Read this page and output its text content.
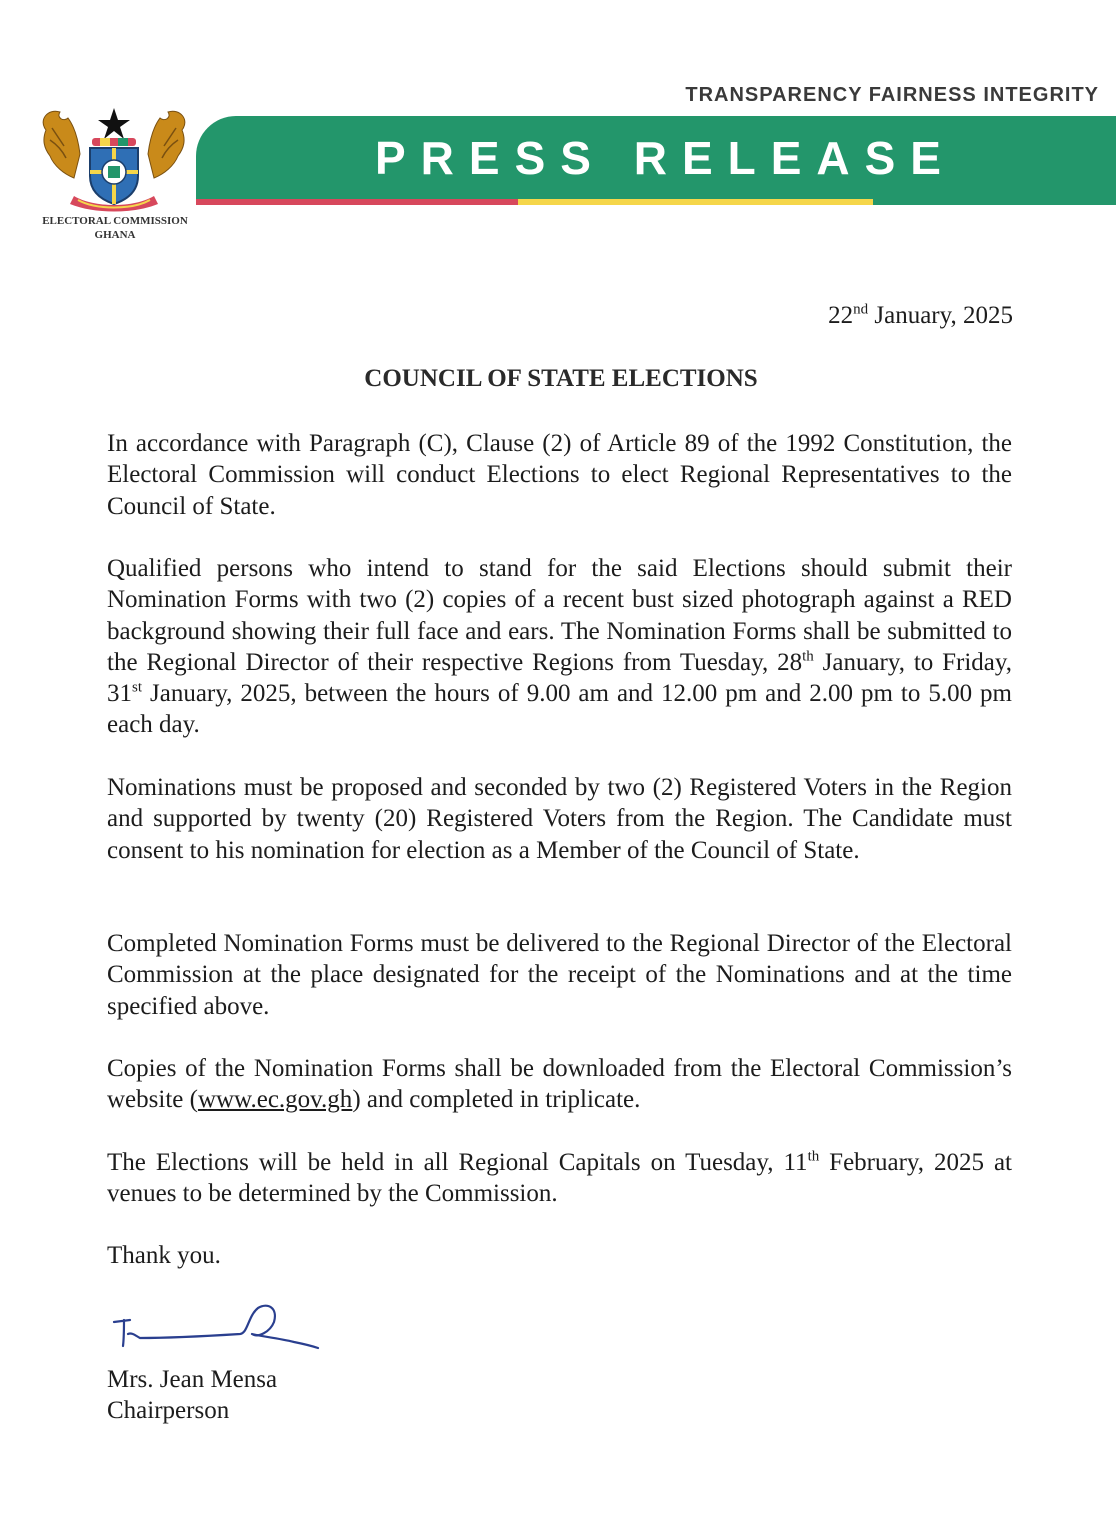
TRANSPARENCY FAIRNESS INTEGRITY

PRESS RELEASE

ELECTORAL COMMISSION

GHANA

22nd January, 2025

COUNCIL OF STATE ELECTIONS

In accordance with Paragraph (C), Clause (2) of Article 89 of the 1992 Constitution, the Electoral Commission will conduct Elections to elect Regional Representatives to the Council of State.

Qualified persons who intend to stand for the said Elections should submit their Nomination Forms with two (2) copies of a recent bust sized photograph against a RED background showing their full face and ears. The Nomination Forms shall be submitted to the Regional Director of their respective Regions from Tuesday, 28th January, to Friday, 31st January, 2025, between the hours of 9.00 am and 12.00 pm and 2.00 pm to 5.00 pm each day.

Nominations must be proposed and seconded by two (2) Registered Voters in the Region and supported by twenty (20) Registered Voters from the Region. The Candidate must consent to his nomination for election as a Member of the Council of State.

Completed Nomination Forms must be delivered to the Regional Director of the Electoral Commission at the place designated for the receipt of the Nominations and at the time specified above.

Copies of the Nomination Forms shall be downloaded from the Electoral Commission’s website (www.ec.gov.gh) and completed in triplicate.

The Elections will be held in all Regional Capitals on Tuesday, 11th February, 2025 at venues to be determined by the Commission.

Thank you.

Mrs. Jean Mensa

Chairperson
